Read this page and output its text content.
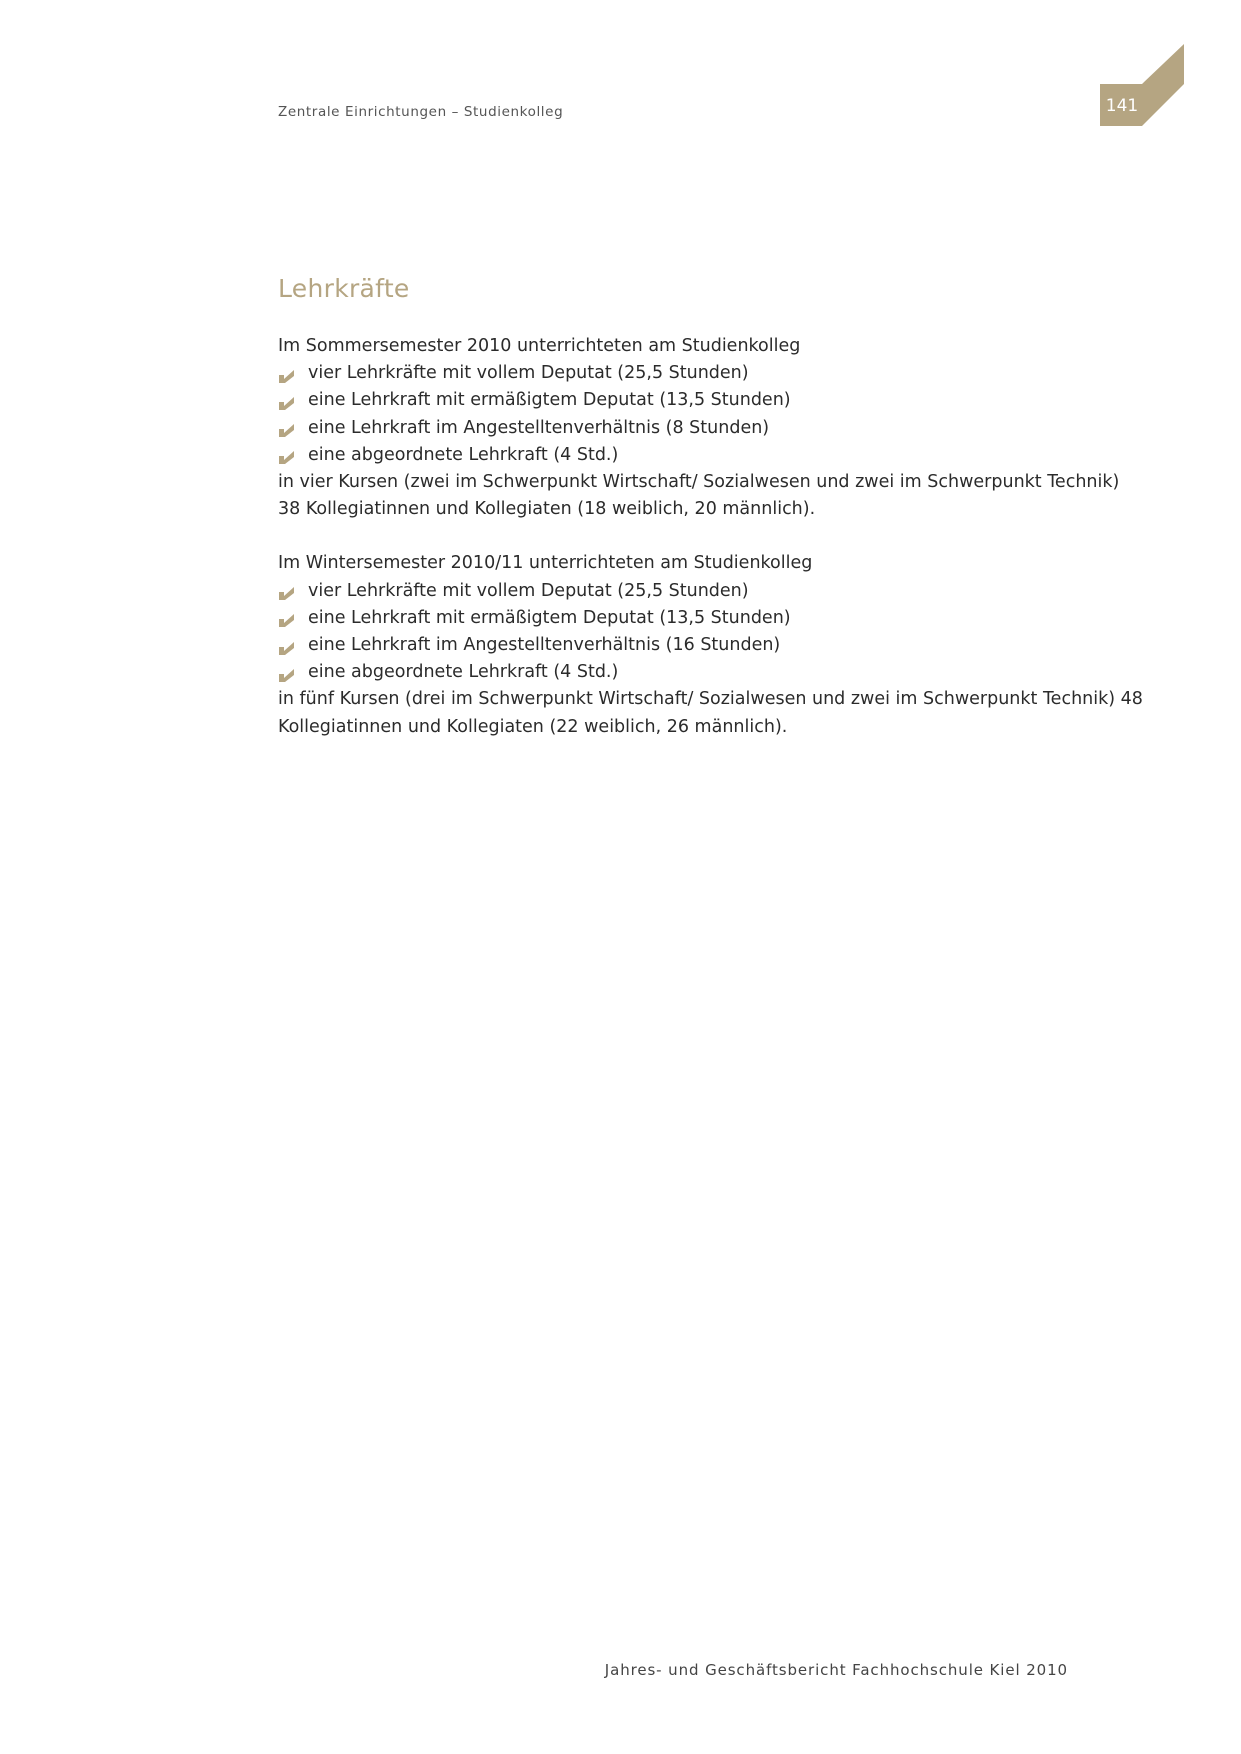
Zentrale Einrichtungen – Studienkolleg	141
Lehrkräfte
Im Sommersemester 2010 unterrichteten am Studienkolleg
vier Lehrkräfte mit vollem Deputat (25,5 Stunden)
eine Lehrkraft mit ermäßigtem Deputat (13,5 Stunden)
eine Lehrkraft im Angestelltenverhältnis (8 Stunden)
eine abgeordnete Lehrkraft (4 Std.)
in vier Kursen (zwei im Schwerpunkt Wirtschaft/ Sozialwesen und zwei im Schwerpunkt Technik)
38 Kollegiatinnen und Kollegiaten (18 weiblich, 20 männlich).
Im Wintersemester 2010/11 unterrichteten am Studienkolleg
vier Lehrkräfte mit vollem Deputat (25,5 Stunden)
eine Lehrkraft mit ermäßigtem Deputat (13,5 Stunden)
eine Lehrkraft im Angestelltenverhältnis (16 Stunden)
eine abgeordnete Lehrkraft (4 Std.)
in fünf Kursen (drei im Schwerpunkt Wirtschaft/ Sozialwesen und zwei im Schwerpunkt Technik) 48
Kollegiatinnen und Kollegiaten (22 weiblich, 26 männlich).
Jahres- und Geschäftsbericht Fachhochschule Kiel 2010
